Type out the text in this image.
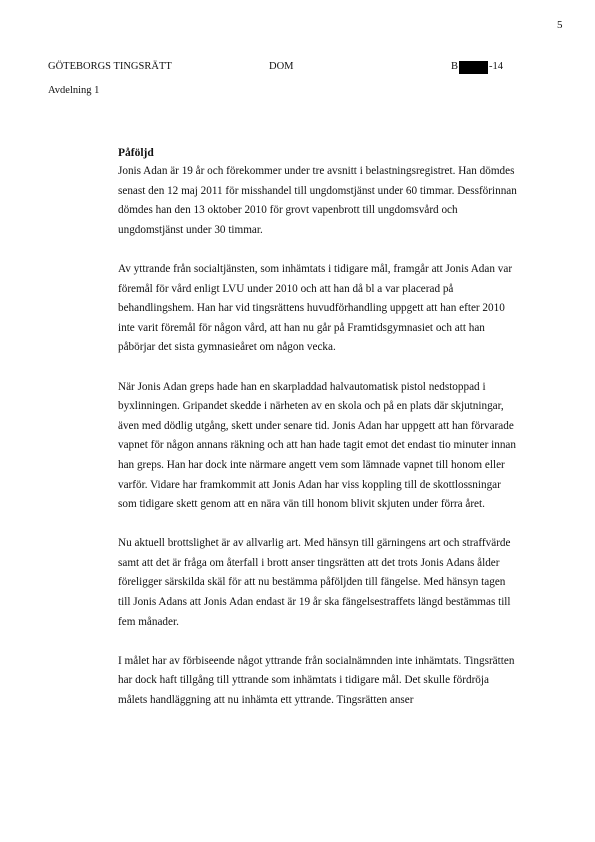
5
GÖTEBORGS TINGSRÄTT	DOM	B	-14
Avdelning 1
Påföljd

Jonis Adan är 19 år och förekommer under tre avsnitt i belastningsregistret. Han dömdes senast den 12 maj 2011 för misshandel till ungdomstjänst under 60 timmar. Dessförinnan dömdes han den 13 oktober 2010 för grovt vapenbrott till ungdomsvård och ungdomstjänst under 30 timmar.

Av yttrande från socialtjänsten, som inhämtats i tidigare mål, framgår att Jonis Adan var föremål för vård enligt LVU under 2010 och att han då bl a var placerad på behandlingshem. Han har vid tingsrättens huvudförhandling uppgett att han efter 2010 inte varit föremål för någon vård, att han nu går på Framtidsgymnasiet och att han påbörjar det sista gymnasieåret om någon vecka.

När Jonis Adan greps hade han en skarpladdad halvautomatisk pistol nedstoppad i byxlinningen. Gripandet skedde i närheten av en skola och på en plats där skjutningar, även med dödlig utgång, skett under senare tid. Jonis Adan har uppgett att han förvarade vapnet för någon annans räkning och att han hade tagit emot det endast tio minuter innan han greps. Han har dock inte närmare angett vem som lämnade vapnet till honom eller varför. Vidare har framkommit att Jonis Adan har viss koppling till de skottlossningar som tidigare skett genom att en nära vän till honom blivit skjuten under förra året.

Nu aktuell brottslighet är av allvarlig art. Med hänsyn till gärningens art och straffvärde samt att det är fråga om återfall i brott anser tingsrätten att det trots Jonis Adans ålder föreligger särskilda skäl för att nu bestämma påföljden till fängelse. Med hänsyn tagen till Jonis Adans att Jonis Adan endast är 19 år ska fängelsestraffets längd bestämmas till fem månader.

I målet har av förbiseende något yttrande från socialnämnden inte inhämtats. Tingsrätten har dock haft tillgång till yttrande som inhämtats i tidigare mål. Det skulle fördröja målets handläggning att nu inhämta ett yttrande. Tingsrätten anser
